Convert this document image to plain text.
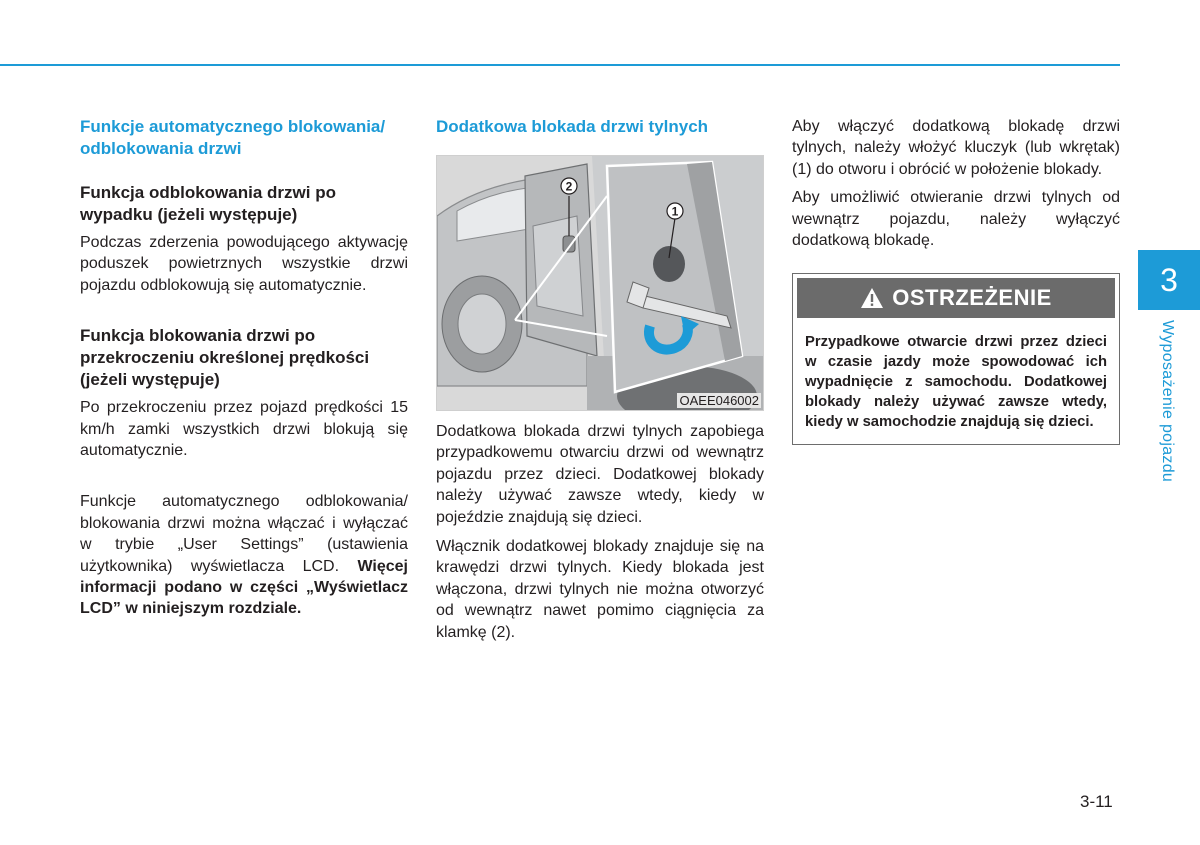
Funkcje automatycznego blokowania/ odblokowania drzwi
Funkcja odblokowania drzwi po wypadku (jeżeli występuje)

Podczas zderzenia powodującego aktywację poduszek powietrznych wszystkie drzwi pojazdu odblokowują się automatycznie.

Funkcja blokowania drzwi po przekroczeniu określonej prędkości (jeżeli występuje)

Po przekroczeniu przez pojazd prędkości 15 km/h zamki wszystkich drzwi blokują się automatycznie.

Funkcje automatycznego odblokowania/ blokowania drzwi można włączać i wyłączać w trybie „User Settings” (ustawienia użytkownika) wyświetlacza LCD. Więcej informacji podano w części „Wyświetlacz LCD” w niniejszym rozdziale.

Dodatkowa blokada drzwi tylnych
1
2
OAEE046002

Dodatkowa blokada drzwi tylnych zapobiega przypadkowemu otwarciu drzwi od wewnątrz pojazdu przez dzieci. Dodatkowej blokady należy używać zawsze wtedy, kiedy w pojeździe znajdują się dzieci.

Włącznik dodatkowej blokady znajduje się na krawędzi drzwi tylnych. Kiedy blokada jest włączona, drzwi tylnych nie można otworzyć od wewnątrz nawet pomimo ciągnięcia za klamkę (2).

Aby włączyć dodatkową blokadę drzwi tylnych, należy włożyć kluczyk (lub wkrętak) (1) do otworu i obrócić w położenie blokady.

Aby umożliwić otwieranie drzwi tylnych od wewnątrz pojazdu, należy wyłączyć dodatkową blokadę.

OSTRZEŻENIE
Przypadkowe otwarcie drzwi przez dzieci w czasie jazdy może spowodować ich wypadnięcie z samochodu. Dodatkowej blokady należy używać zawsze wtedy, kiedy w samochodzie znajdują się dzieci.
3
Wyposażenie pojazdu
3-11
